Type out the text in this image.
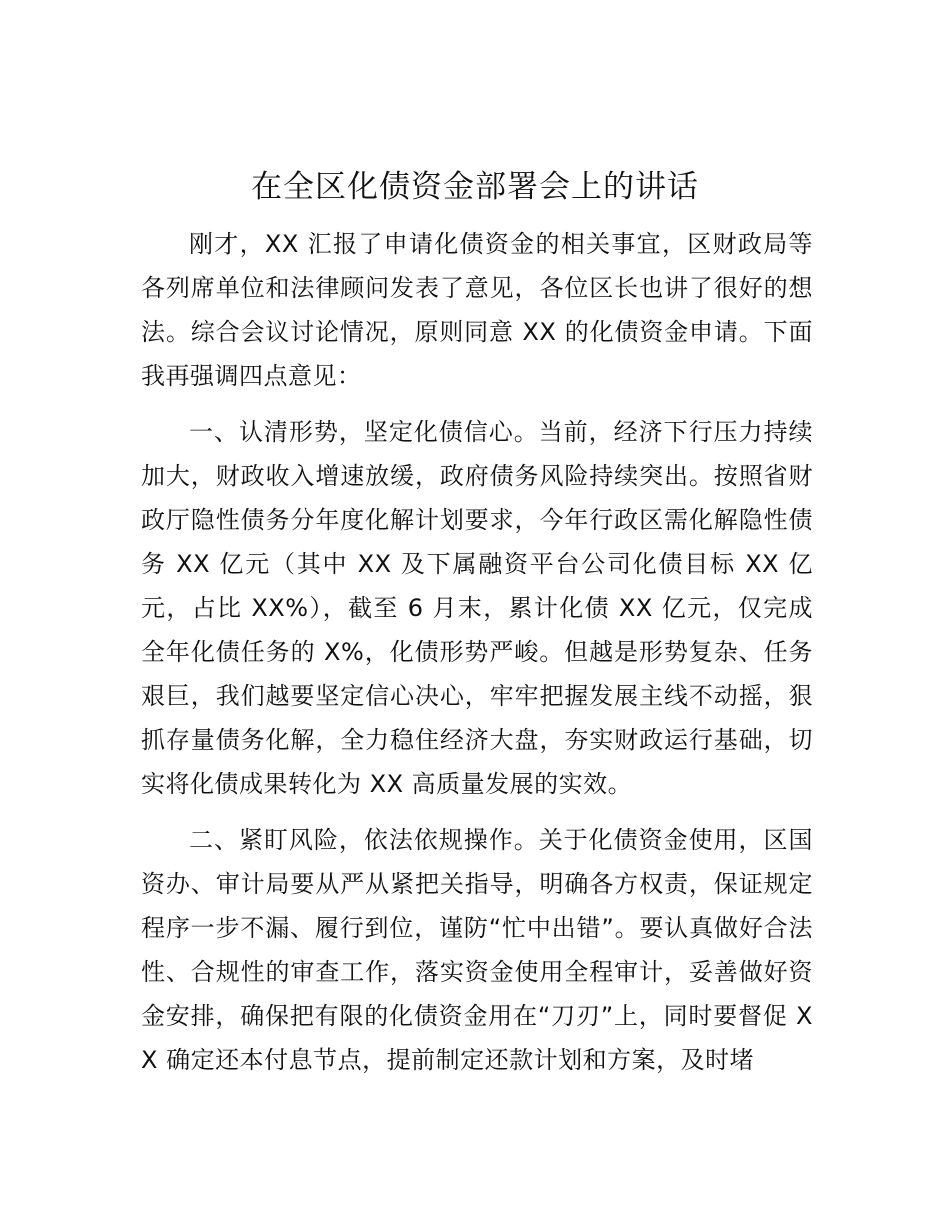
在全区化债资金部署会上的讲话

刚才，XX 汇报了申请化债资金的相关事宜，区财政局等各列席单位和法律顾问发表了意见，各位区长也讲了很好的想法。综合会议讨论情况，原则同意 XX 的化债资金申请。下面我再强调四点意见：

一、认清形势，坚定化债信心。当前，经济下行压力持续加大，财政收入增速放缓，政府债务风险持续突出。按照省财政厅隐性债务分年度化解计划要求，今年行政区需化解隐性债务 XX 亿元（其中 XX 及下属融资平台公司化债目标 XX 亿元，占比 XX%），截至 6 月末，累计化债 XX 亿元，仅完成全年化债任务的 X%，化债形势严峻。但越是形势复杂、任务艰巨，我们越要坚定信心决心，牢牢把握发展主线不动摇，狠抓存量债务化解，全力稳住经济大盘，夯实财政运行基础，切实将化债成果转化为 XX 高质量发展的实效。

二、紧盯风险，依法依规操作。关于化债资金使用，区国资办、审计局要从严从紧把关指导，明确各方权责，保证规定程序一步不漏、履行到位，谨防“忙中出错”。要认真做好合法性、合规性的审查工作，落实资金使用全程审计，妥善做好资金安排，确保把有限的化债资金用在“刀刃”上，同时要督促 XX 确定还本付息节点，提前制定还款计划和方案，及时堵
